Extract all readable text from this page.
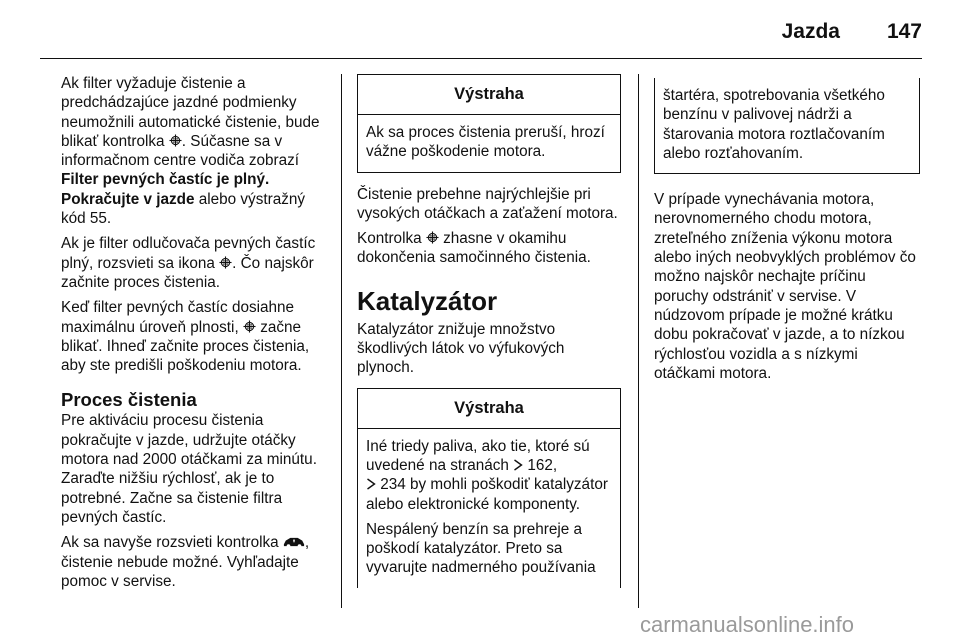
Jazda 147

Ak filter vyžaduje čistenie a predchádzajúce jazdné podmienky neumožnili automatické čistenie, bude blikať kontrolka . Súčasne sa v informačnom centre vodiča zobrazí Filter pevných častíc je plný. Pokračujte v jazde alebo výstražný kód 55.

Ak je filter odlučovača pevných častíc plný, rozsvieti sa ikona . Čo najskôr začnite proces čistenia.

Keď filter pevných častíc dosiahne maximálnu úroveň plnosti,  začne blikať. Ihneď začnite proces čistenia, aby ste predišli poškodeniu motora.

Proces čistenia

Pre aktiváciu procesu čistenia pokračujte v jazde, udržujte otáčky motora nad 2000 otáčkami za minútu. Zaraďte nižšiu rýchlosť, ak je to potrebné. Začne sa čistenie filtra pevných častíc.

Ak sa navyše rozsvieti kontrolka , čistenie nebude možné. Vyhľadajte pomoc v servise.

Výstraha

Ak sa proces čistenia preruší, hrozí vážne poškodenie motora.

Čistenie prebehne najrýchlejšie pri vysokých otáčkach a zaťažení motora.

Kontrolka  zhasne v okamihu dokončenia samočinného čistenia.

Katalyzátor

Katalyzátor znižuje množstvo škodlivých látok vo výfukových plynoch.

Výstraha

Iné triedy paliva, ako tie, ktoré sú uvedené na stranách  162,
234 by mohli poškodiť katalyzátor alebo elektronické komponenty.

Nespálený benzín sa prehreje a poškodí katalyzátor. Preto sa vyvarujte nadmerného používania

štartéra, spotrebovania všetkého benzínu v palivovej nádrži a štarovania motora roztlačovaním alebo rozťahovaním.

V prípade vynechávania motora, nerovnomerného chodu motora, zreteľného zníženia výkonu motora alebo iných neobvyklých problémov čo možno najskôr nechajte príčinu poruchy odstrániť v servise. V núdzovom prípade je možné krátku dobu pokračovať v jazde, a to nízkou rýchlosťou vozidla a s nízkymi otáčkami motora.

carmanualsonline.info
